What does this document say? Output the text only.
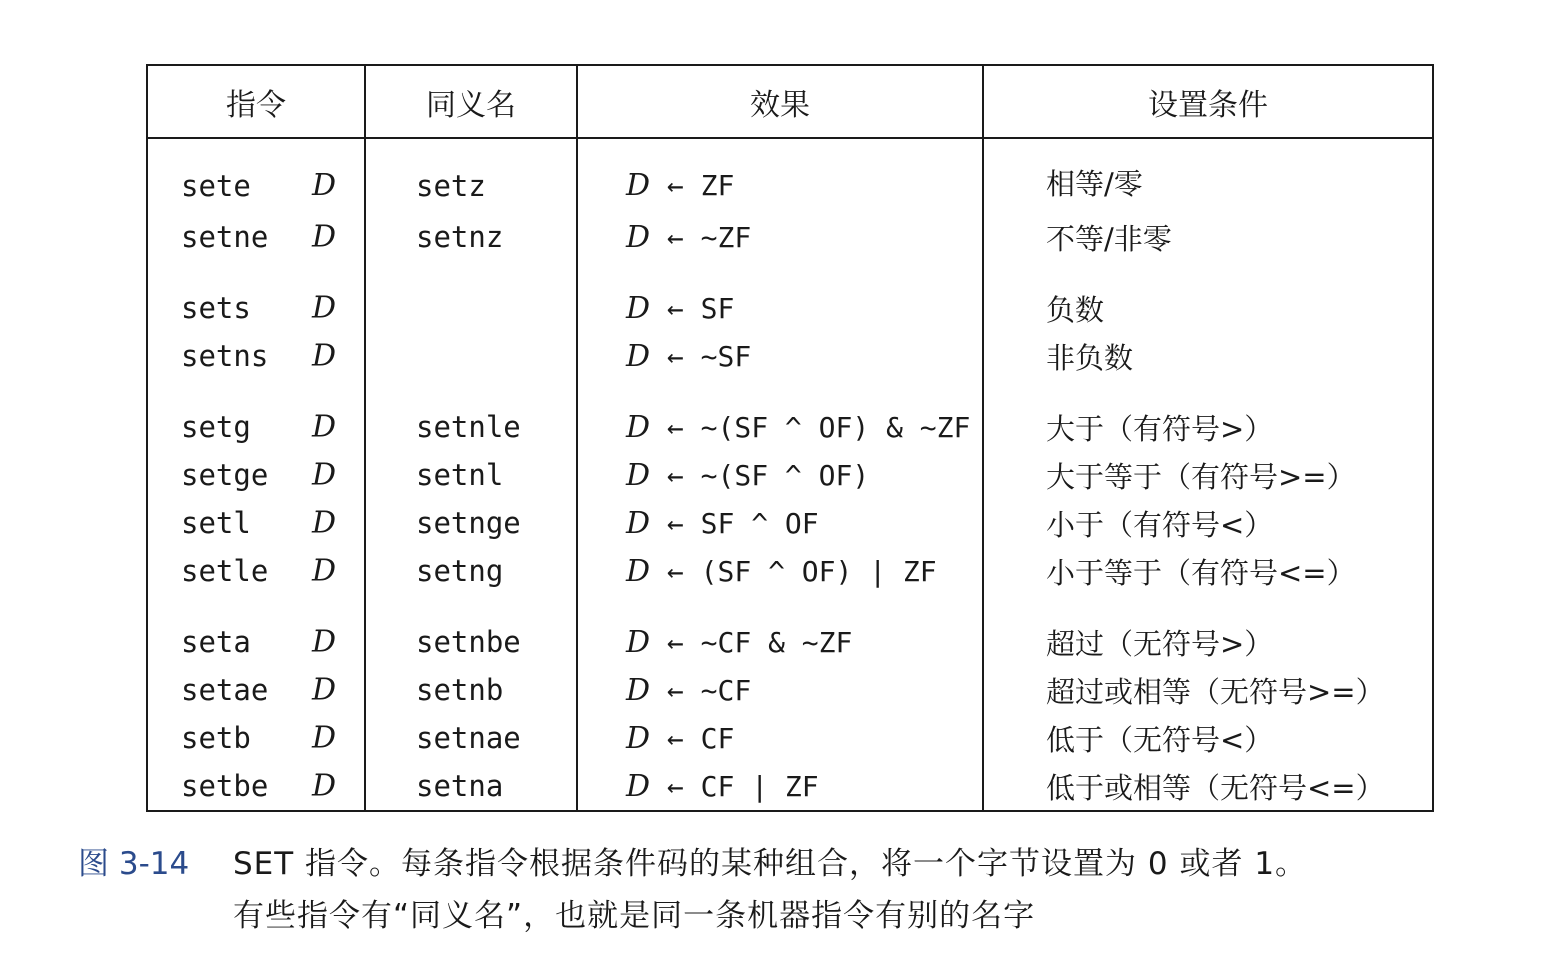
指令	同义名	效果	设置条件

sete D	setz	D ← ZF	相等/零

setne D	setnz	D ← ~ZF	不等/非零

sets D		D ← SF	负数

setns D		D ← ~SF	非负数

setg D	setnle	D ← ~(SF ^ OF) & ~ZF	大于（有符号>）

setge D	setnl	D ← ~(SF ^ OF)	大于等于（有符号>=）

setl D	setnge	D ← SF ^ OF	小于（有符号<）

setle D	setng	D ← (SF ^ OF) | ZF	小于等于（有符号<=）

seta D	setnbe	D ← ~CF & ~ZF	超过（无符号>）

setae D	setnb	D ← ~CF	超过或相等（无符号>=）

setb D	setnae	D ← CF	低于（无符号<）

setbe D	setna	D ← CF | ZF	低于或相等（无符号<=）
图 3-14 SET 指令。每条指令根据条件码的某种组合，将一个字节设置为 0 或者 1。
有些指令有“同义名”，也就是同一条机器指令有别的名字
